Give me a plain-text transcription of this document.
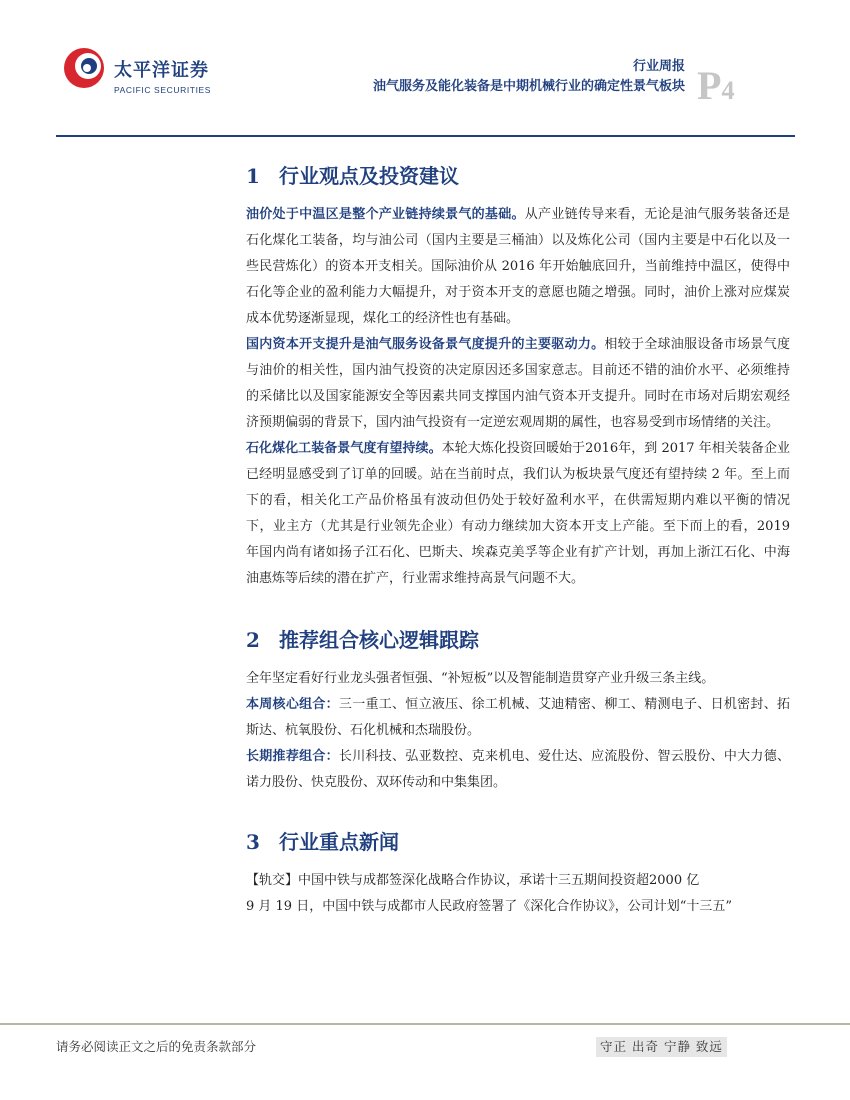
太平洋证券
PACIFIC SECURITIES
行业周报
油气服务及能化装备是中期机械行业的确定性景气板块 P4
1 行业观点及投资建议

油价处于中温区是整个产业链持续景气的基础。从产业链传导来看，无论是油气服务装备还是石化煤化工装备，均与油公司（国内主要是三桶油）以及炼化公司（国内主要是中石化以及一些民营炼化）的资本开支相关。国际油价从 2016 年开始触底回升，当前维持中温区，使得中石化等企业的盈利能力大幅提升，对于资本开支的意愿也随之增强。同时，油价上涨对应煤炭成本优势逐渐显现，煤化工的经济性也有基础。

国内资本开支提升是油气服务设备景气度提升的主要驱动力。相较于全球油服设备市场景气度与油价的相关性，国内油气投资的决定原因还多国家意志。目前还不错的油价水平、必须维持的采储比以及国家能源安全等因素共同支撑国内油气资本开支提升。同时在市场对后期宏观经济预期偏弱的背景下，国内油气投资有一定逆宏观周期的属性，也容易受到市场情绪的关注。

石化煤化工装备景气度有望持续。本轮大炼化投资回暖始于2016年，到 2017 年相关装备企业已经明显感受到了订单的回暖。站在当前时点，我们认为板块景气度还有望持续 2 年。至上而下的看，相关化工产品价格虽有波动但仍处于较好盈利水平，在供需短期内难以平衡的情况下，业主方（尤其是行业领先企业）有动力继续加大资本开支上产能。至下而上的看，2019 年国内尚有诸如扬子江石化、巴斯夫、埃森克美孚等企业有扩产计划，再加上浙江石化、中海油惠炼等后续的潜在扩产，行业需求维持高景气问题不大。

2 推荐组合核心逻辑跟踪

全年坚定看好行业龙头强者恒强、“补短板”以及智能制造贯穿产业升级三条主线。

本周核心组合：三一重工、恒立液压、徐工机械、艾迪精密、柳工、精测电子、日机密封、拓斯达、杭氧股份、石化机械和杰瑞股份。

长期推荐组合：长川科技、弘亚数控、克来机电、爱仕达、应流股份、智云股份、中大力德、诺力股份、快克股份、双环传动和中集集团。

3 行业重点新闻

【轨交】中国中铁与成都签深化战略合作协议，承诺十三五期间投资超2000 亿

9 月 19 日，中国中铁与成都市人民政府签署了《深化合作协议》，公司计划“十三五”

请务必阅读正文之后的免责条款部分	守正 出奇 宁静 致远
